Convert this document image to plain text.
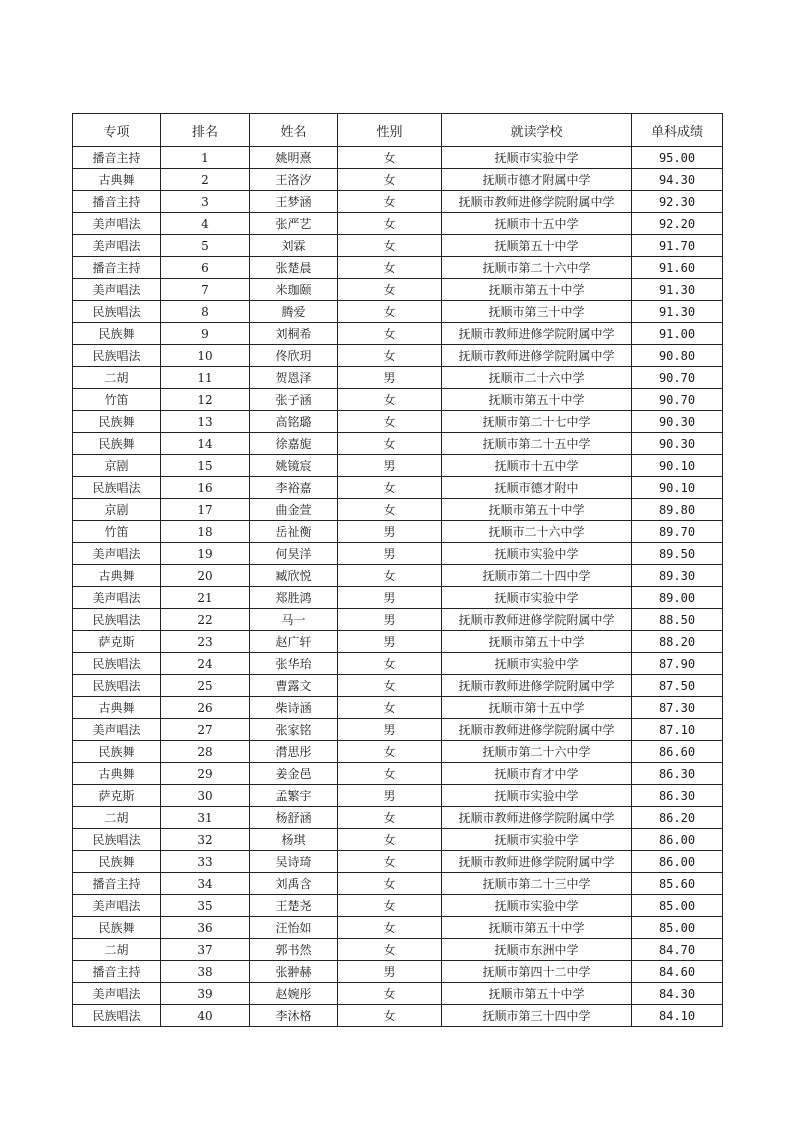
专项	排名	姓名	性别	就读学校	单科成绩
播音主持	1	姚明熹	女	抚顺市实验中学	95.00
古典舞	2	王洛汐	女	抚顺市德才附属中学	94.30
播音主持	3	王梦涵	女	抚顺市教师进修学院附属中学	92.30
美声唱法	4	张严艺	女	抚顺市十五中学	92.20
美声唱法	5	刘霖	女	抚顺第五十中学	91.70
播音主持	6	张楚晨	女	抚顺市第二十六中学	91.60
美声唱法	7	米珈颐	女	抚顺市第五十中学	91.30
民族唱法	8	腾爱	女	抚顺市第三十中学	91.30
民族舞	9	刘桐希	女	抚顺市教师进修学院附属中学	91.00
民族唱法	10	佟欣玥	女	抚顺市教师进修学院附属中学	90.80
二胡	11	贺恩泽	男	抚顺市二十六中学	90.70
竹笛	12	张子涵	女	抚顺市第五十中学	90.70
民族舞	13	高铭璐	女	抚顺市第二十七中学	90.30
民族舞	14	徐嘉旎	女	抚顺市第二十五中学	90.30
京剧	15	姚镜宸	男	抚顺市十五中学	90.10
民族唱法	16	李裕嘉	女	抚顺市德才附中	90.10
京剧	17	曲金萱	女	抚顺市第五十中学	89.80
竹笛	18	岳祉衡	男	抚顺市二十六中学	89.70
美声唱法	19	何昊洋	男	抚顺市实验中学	89.50
古典舞	20	臧欣悦	女	抚顺市第二十四中学	89.30
美声唱法	21	郑胜鸿	男	抚顺市实验中学	89.00
民族唱法	22	马一	男	抚顺市教师进修学院附属中学	88.50
萨克斯	23	赵广轩	男	抚顺市第五十中学	88.20
民族唱法	24	张华珆	女	抚顺市实验中学	87.90
民族唱法	25	曹露文	女	抚顺市教师进修学院附属中学	87.50
古典舞	26	柴诗涵	女	抚顺市第十五中学	87.30
美声唱法	27	张家铭	男	抚顺市教师进修学院附属中学	87.10
民族舞	28	潸思彤	女	抚顺市第二十六中学	86.60
古典舞	29	姜金邑	女	抚顺市育才中学	86.30
萨克斯	30	孟繁宇	男	抚顺市实验中学	86.30
二胡	31	杨舒涵	女	抚顺市教师进修学院附属中学	86.20
民族唱法	32	杨琪	女	抚顺市实验中学	86.00
民族舞	33	吴诗琦	女	抚顺市教师进修学院附属中学	86.00
播音主持	34	刘禹含	女	抚顺市第二十三中学	85.60
美声唱法	35	王楚尧	女	抚顺市实验中学	85.00
民族舞	36	汪怡如	女	抚顺市第五十中学	85.00
二胡	37	郭书然	女	抚顺市东洲中学	84.70
播音主持	38	张翀赫	男	抚顺市第四十二中学	84.60
美声唱法	39	赵婉彤	女	抚顺市第五十中学	84.30
民族唱法	40	李沐格	女	抚顺市第三十四中学	84.10
